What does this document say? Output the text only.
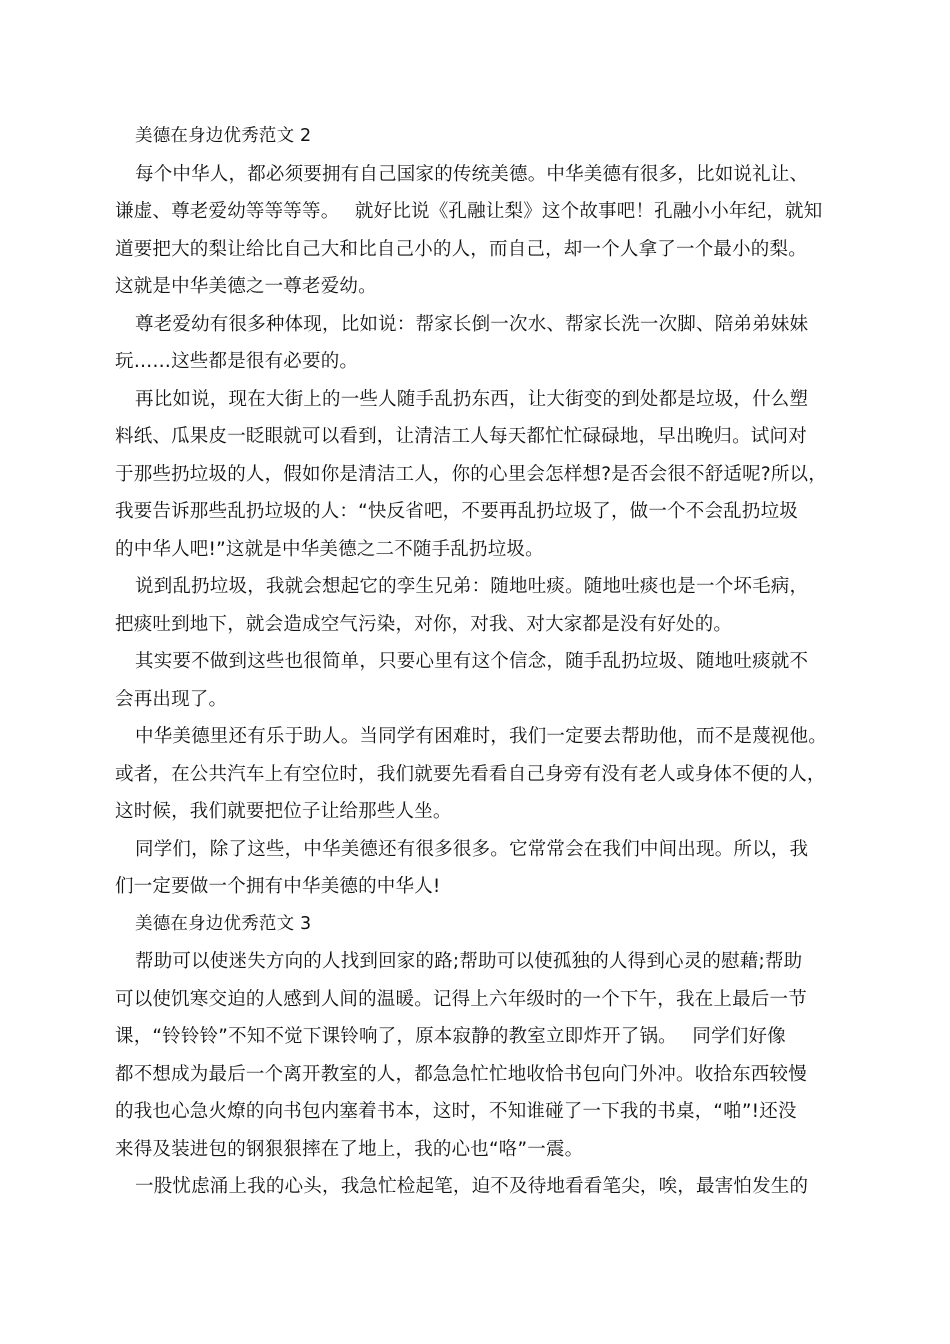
美德在身边优秀范文 2
每个中华人，都必须要拥有自己国家的传统美德。中华美德有很多，比如说礼让、
谦虚、尊老爱幼等等等等。　 就好比说《孔融让梨》这个故事吧！孔融小小年纪，就知
道要把大的梨让给比自己大和比自己小的人，而自己，却一个人拿了一个最小的梨。
这就是中华美德之一尊老爱幼。
尊老爱幼有很多种体现，比如说：帮家长倒一次水、帮家长洗一次脚、陪弟弟妹妹
玩……这些都是很有必要的。
再比如说，现在大街上的一些人随手乱扔东西，让大街变的到处都是垃圾，什么塑
料纸、瓜果皮一眨眼就可以看到，让清洁工人每天都忙忙碌碌地，早出晚归。试问对
于那些扔垃圾的人，假如你是清洁工人，你的心里会怎样想?是否会很不舒适呢?所以，
我要告诉那些乱扔垃圾的人：“快反省吧，不要再乱扔垃圾了，做一个不会乱扔垃圾
的中华人吧!”这就是中华美德之二不随手乱扔垃圾。
说到乱扔垃圾，我就会想起它的孪生兄弟：随地吐痰。随地吐痰也是一个坏毛病，
把痰吐到地下，就会造成空气污染，对你，对我、对大家都是没有好处的。
其实要不做到这些也很简单，只要心里有这个信念，随手乱扔垃圾、随地吐痰就不
会再出现了。
中华美德里还有乐于助人。当同学有困难时，我们一定要去帮助他，而不是蔑视他。
或者，在公共汽车上有空位时，我们就要先看看自己身旁有没有老人或身体不便的人，
这时候，我们就要把位子让给那些人坐。
同学们，除了这些，中华美德还有很多很多。它常常会在我们中间出现。所以，我
们一定要做一个拥有中华美德的中华人!
美德在身边优秀范文 3
帮助可以使迷失方向的人找到回家的路;帮助可以使孤独的人得到心灵的慰藉;帮助
可以使饥寒交迫的人感到人间的温暖。记得上六年级时的一个下午，我在上最后一节
课，“铃铃铃”不知不觉下课铃响了，原本寂静的教室立即炸开了锅。　 同学们好像
都不想成为最后一个离开教室的人，都急急忙忙地收恰书包向门外冲。收拾东西较慢
的我也心急火燎的向书包内塞着书本，这时，不知谁碰了一下我的书桌，“啪”!还没
来得及装进包的钢狠狠摔在了地上，我的心也“咯”一震。
一股忧虑涌上我的心头，我急忙检起笔，迫不及待地看看笔尖，唉，最害怕发生的
